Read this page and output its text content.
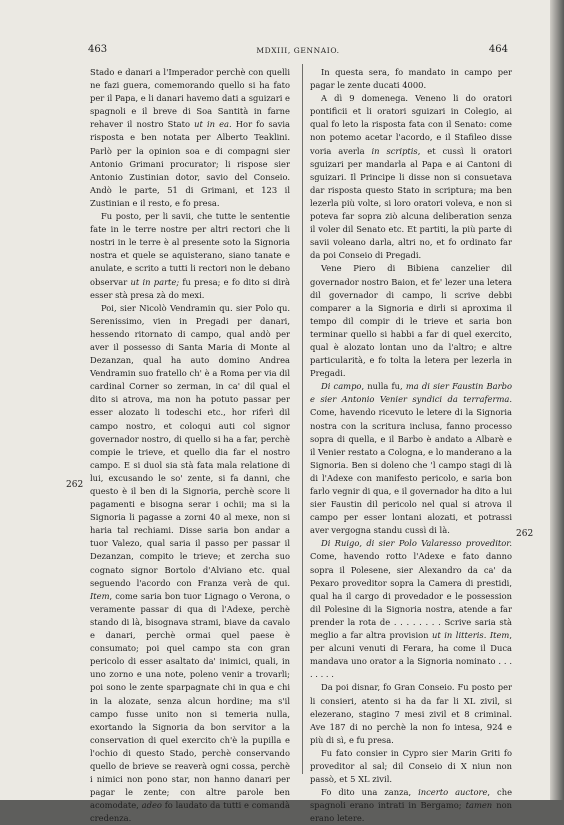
463	MDXIII, GENNAIO.	464

Stado e danari a l'Imperador perchè con quelli ne fazi guera, comemorando quello si ha fato per il Papa, e li danari havemo dati a sguizari e spagnoli e il breve di Soa Santità in farne rehaver il nostro Stato ut in ea. Hor fo savia risposta e ben notata per Alberto Teaklini. Parlò per la opinion soa e di compagni sier Antonio Grimani procurator; li rispose sier Antonio Zustinian dotor, savio del Conseio. Andò le parte, 51 di Grimani, et 123 il Zustinian e il resto, e fo presa.

Fu posto, per li savii, che tutte le sententie fate in le terre nostre per altri rectori che li nostri in le terre è al presente soto la Signoria nostra et quele se aquisterano, siano tanate e anulate, e scrito a tutti li rectori non le debano observar ut in parte; fu presa; e fo dito si dirà esser stà presa zà do mexi.

Poi, sier Nicolò Vendramin qu. sier Polo qu. Serenissimo, vien in Pregadi per danari, hessendo ritornato di campo, qual andò per aver il possesso di Santa Maria di Monte al Dezanzan, qual ha auto domino Andrea Vendramin suo fratello ch' è a Roma per via dil cardinal Corner so zerman, in ca' dil qual el dito si atrova, ma non ha potuto passar per esser alozato li todeschi etc., hor riferì dil campo nostro, et coloqui auti col signor governador nostro, di quello si ha a far, perchè compie le trieve, et quello dia far el nostro campo. E si duol sia stà fata mala relatione di lui, excusando le so' zente, si fa danni, che questo è il ben di la Signoria, perchè score li pagamenti e bisogna serar i ochii; ma si la Signoria li pagasse a zorni 40 al mexe, non si haria tal rechiami. Disse saria bon andar a tuor Valezo, qual saria il passo per passar il Dezanzan, compito le trieve; et zercha suo cognato signor Bortolo d'Alviano etc. qual seguendo l'acordo con Franza verà de qui. Item, come saria bon tuor Lignago o Verona, o veramente passar di qua di l'Adexe, perchè stando di là, bisognava strami, biave da cavalo e danari, perchè ormai quel paese è consumato; poi quel campo sta con gran pericolo di esser asaltato da' inimici, quali, in uno zorno e una note, poleno venir a trovarli; poi sono le zente sparpagnate chi in qua e chi in la alozate, senza alcun hordine; ma s'il campo fusse unito non si temeria nulla, exortando la Signoria da bon servitor a la conservation di quel exercito ch'è la pupilla e l'ochio di questo Stado, perchè conservando quello de brieve se reaverà ogni cossa, perchè i nimici non pono star, non hanno danari per pagar le zente; con altre parole ben acomodate, adeo fo laudato da tutti e comandà credenza.

In questa sera, fo mandato in campo per pagar le zente ducati 4000.

A dì 9 domenega. Veneno li do oratori pontificii et li oratori sguizari in Colegio, ai qual fo leto la risposta fata con il Senato: come non potemo acetar l'acordo, e il Stafileo disse voria averla in scriptis, et cussì li oratori sguizari per mandarla al Papa e ai Cantoni di sguizari. Il Principe li disse non si consuetava dar risposta questo Stato in scriptura; ma ben lezerla più volte, si loro oratori voleva, e non si poteva far sopra ziò alcuna deliberation senza il voler dil Senato etc. Et partiti, la più parte di savii voleano darla, altri no, et fo ordinato far da poi Conseio di Pregadi.

Vene Piero di Bibiena canzelier dil governador nostro Baion, et fe' lezer una letera dil governador di campo, li scrive debbi comparer a la Signoria e dirli si aproxima il tempo dil compir di le trieve et saria bon terminar quello si habbi a far di quel exercito, qual è alozato lontan uno da l'altro; e altre particularità, e fo tolta la letera per lezerla in Pregadi.

Di campo, nulla fu, ma di sier Faustin Barbo e sier Antonio Venier syndici da terraferma. Come, havendo ricevuto le letere di la Signoria nostra con la scritura inclusa, fanno processo sopra di quella, e il Barbo è andato a Albarè e il Venier restato a Cologna, e lo manderano a la Signoria. Ben si doleno che 'l campo stagi di là di l'Adexe con manifesto pericolo, e saria bon farlo vegnir di qua, e il governador ha dito a lui sier Faustin dil pericolo nel qual si atrova il campo per esser lontani alozati, et potrassi aver vergogna standu cussì di là.

Di Ruigo, di sier Polo Valaresso proveditor. Come, havendo rotto l'Adexe e fato danno sopra il Polesene, sier Alexandro da ca' da Pexaro proveditor sopra la Camera di prestidi, qual ha il cargo di provedador e le possession dil Polesine di la Signoria nostra, atende a far prender la rota de . . . . . . . . Scrive saria stà meglio a far altra provision ut in litteris. Item, per alcuni venuti di Ferara, ha come il Duca mandava uno orator a la Signoria nominato . . . . . . . .

Da poi disnar, fo Gran Conseio. Fu posto per li consieri, atento si ha da far li XL zivil, si elezerano, stagino 7 mesi zivil et 8 criminal. Ave 187 di no perchè la non fo intesa, 924 e più di sì, e fu presa.

Fu fato consier in Cypro sier Marin Griti fo proveditor al sal; dil Conseio di X niun non passò, et 5 XL zivil.

Fo dito una zanza, incerto auctore, che spagnoli erano intrati in Bergamo; tamen non erano letere.

262
262
